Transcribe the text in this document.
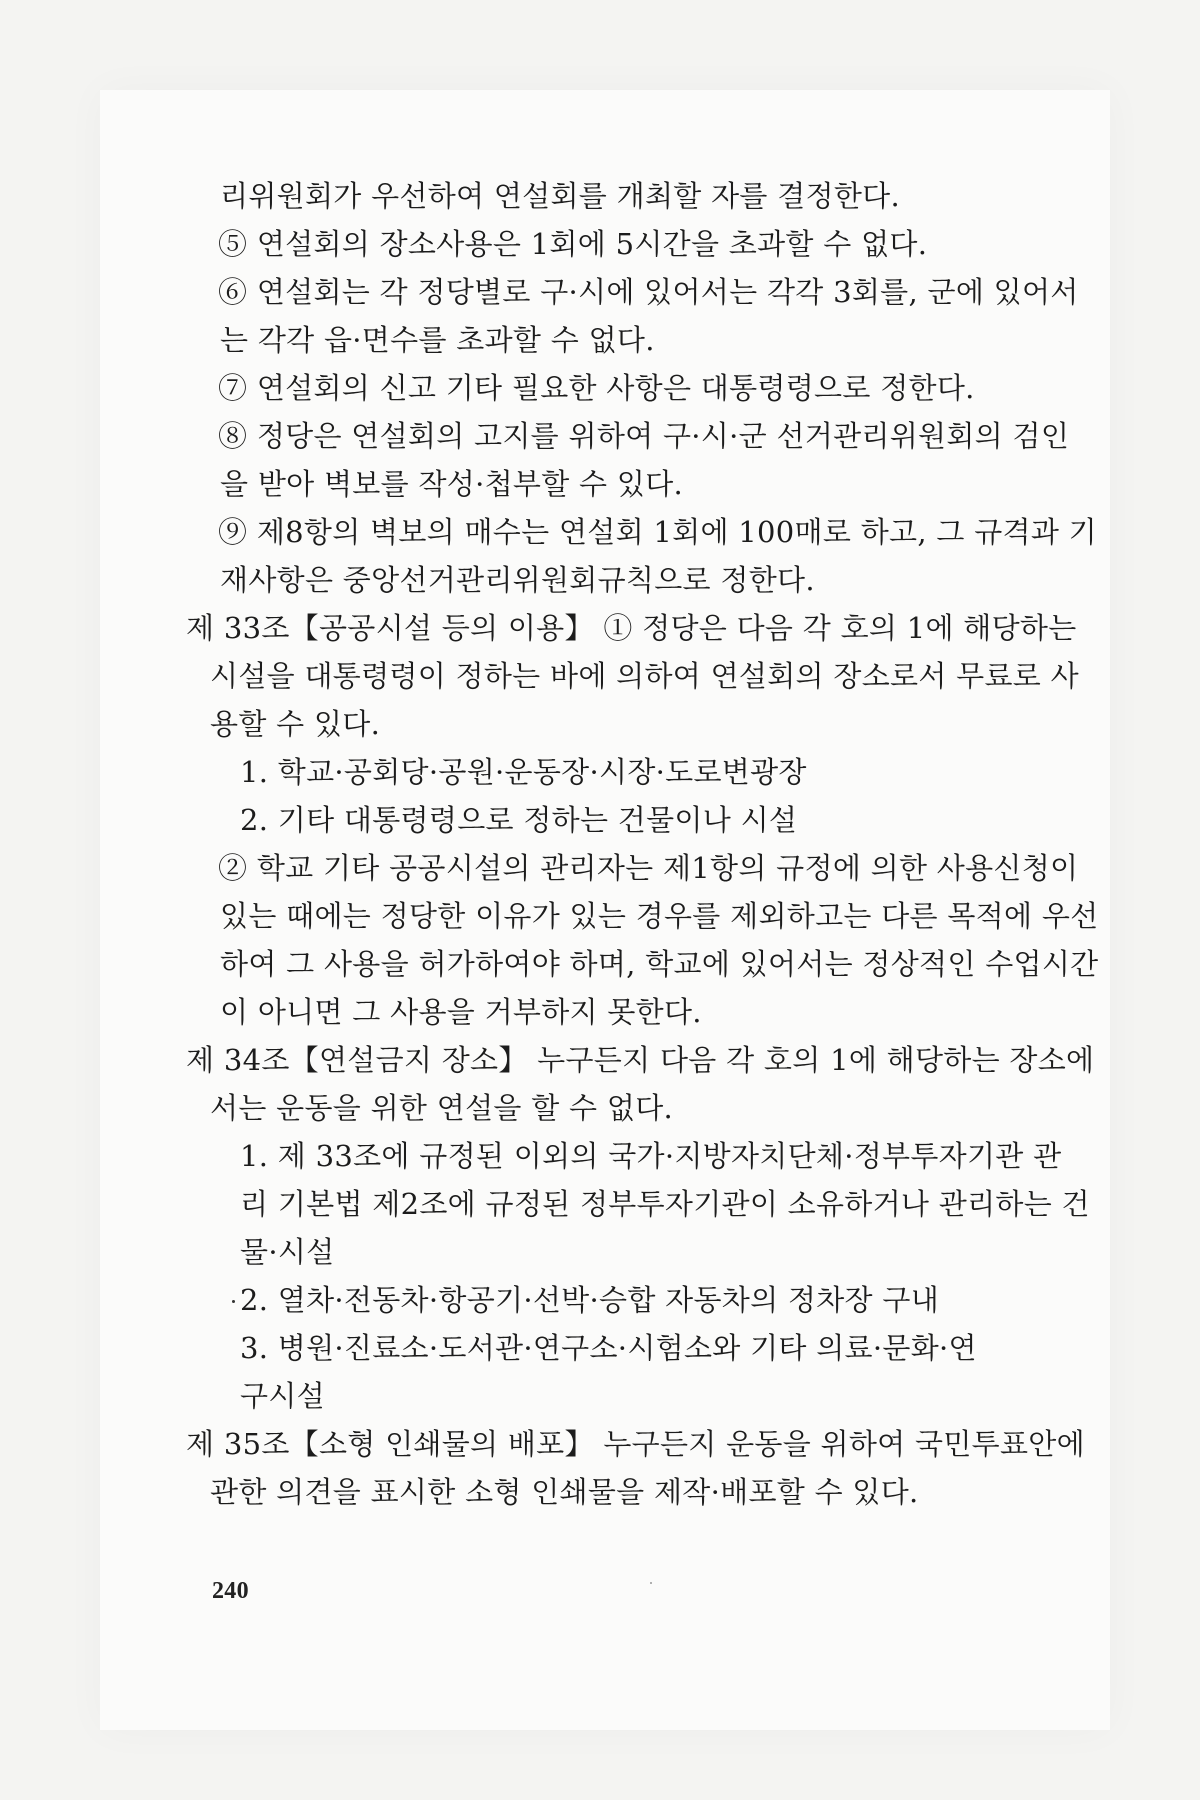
리위원회가 우선하여 연설회를 개최할 자를 결정한다.
⑤ 연설회의 장소사용은 1회에 5시간을 초과할 수 없다.
⑥ 연설회는 각 정당별로 구·시에 있어서는 각각 3회를, 군에 있어서
는 각각 읍·면수를 초과할 수 없다.
⑦ 연설회의 신고 기타 필요한 사항은 대통령령으로 정한다.
⑧ 정당은 연설회의 고지를 위하여 구·시·군 선거관리위원회의 검인
을 받아 벽보를 작성·첩부할 수 있다.
⑨ 제8항의 벽보의 매수는 연설회 1회에 100매로 하고, 그 규격과 기
재사항은 중앙선거관리위원회규칙으로 정한다.
제 33조【공공시설 등의 이용】 ① 정당은 다음 각 호의 1에 해당하는
시설을 대통령령이 정하는 바에 의하여 연설회의 장소로서 무료로 사
용할 수 있다.
1. 학교·공회당·공원·운동장·시장·도로변광장
2. 기타 대통령령으로 정하는 건물이나 시설
② 학교 기타 공공시설의 관리자는 제1항의 규정에 의한 사용신청이
있는 때에는 정당한 이유가 있는 경우를 제외하고는 다른 목적에 우선
하여 그 사용을 허가하여야 하며, 학교에 있어서는 정상적인 수업시간
이 아니면 그 사용을 거부하지 못한다.
제 34조【연설금지 장소】 누구든지 다음 각 호의 1에 해당하는 장소에
서는 운동을 위한 연설을 할 수 없다.
1. 제 33조에 규정된 이외의 국가·지방자치단체·정부투자기관 관
리 기본법 제2조에 규정된 정부투자기관이 소유하거나 관리하는 건
물·시설
2. 열차·전동차·항공기·선박·승합 자동차의 정차장 구내
3. 병원·진료소·도서관·연구소·시험소와 기타 의료·문화·연
구시설
제 35조【소형 인쇄물의 배포】 누구든지 운동을 위하여 국민투표안에
관한 의견을 표시한 소형 인쇄물을 제작·배포할 수 있다.
240
